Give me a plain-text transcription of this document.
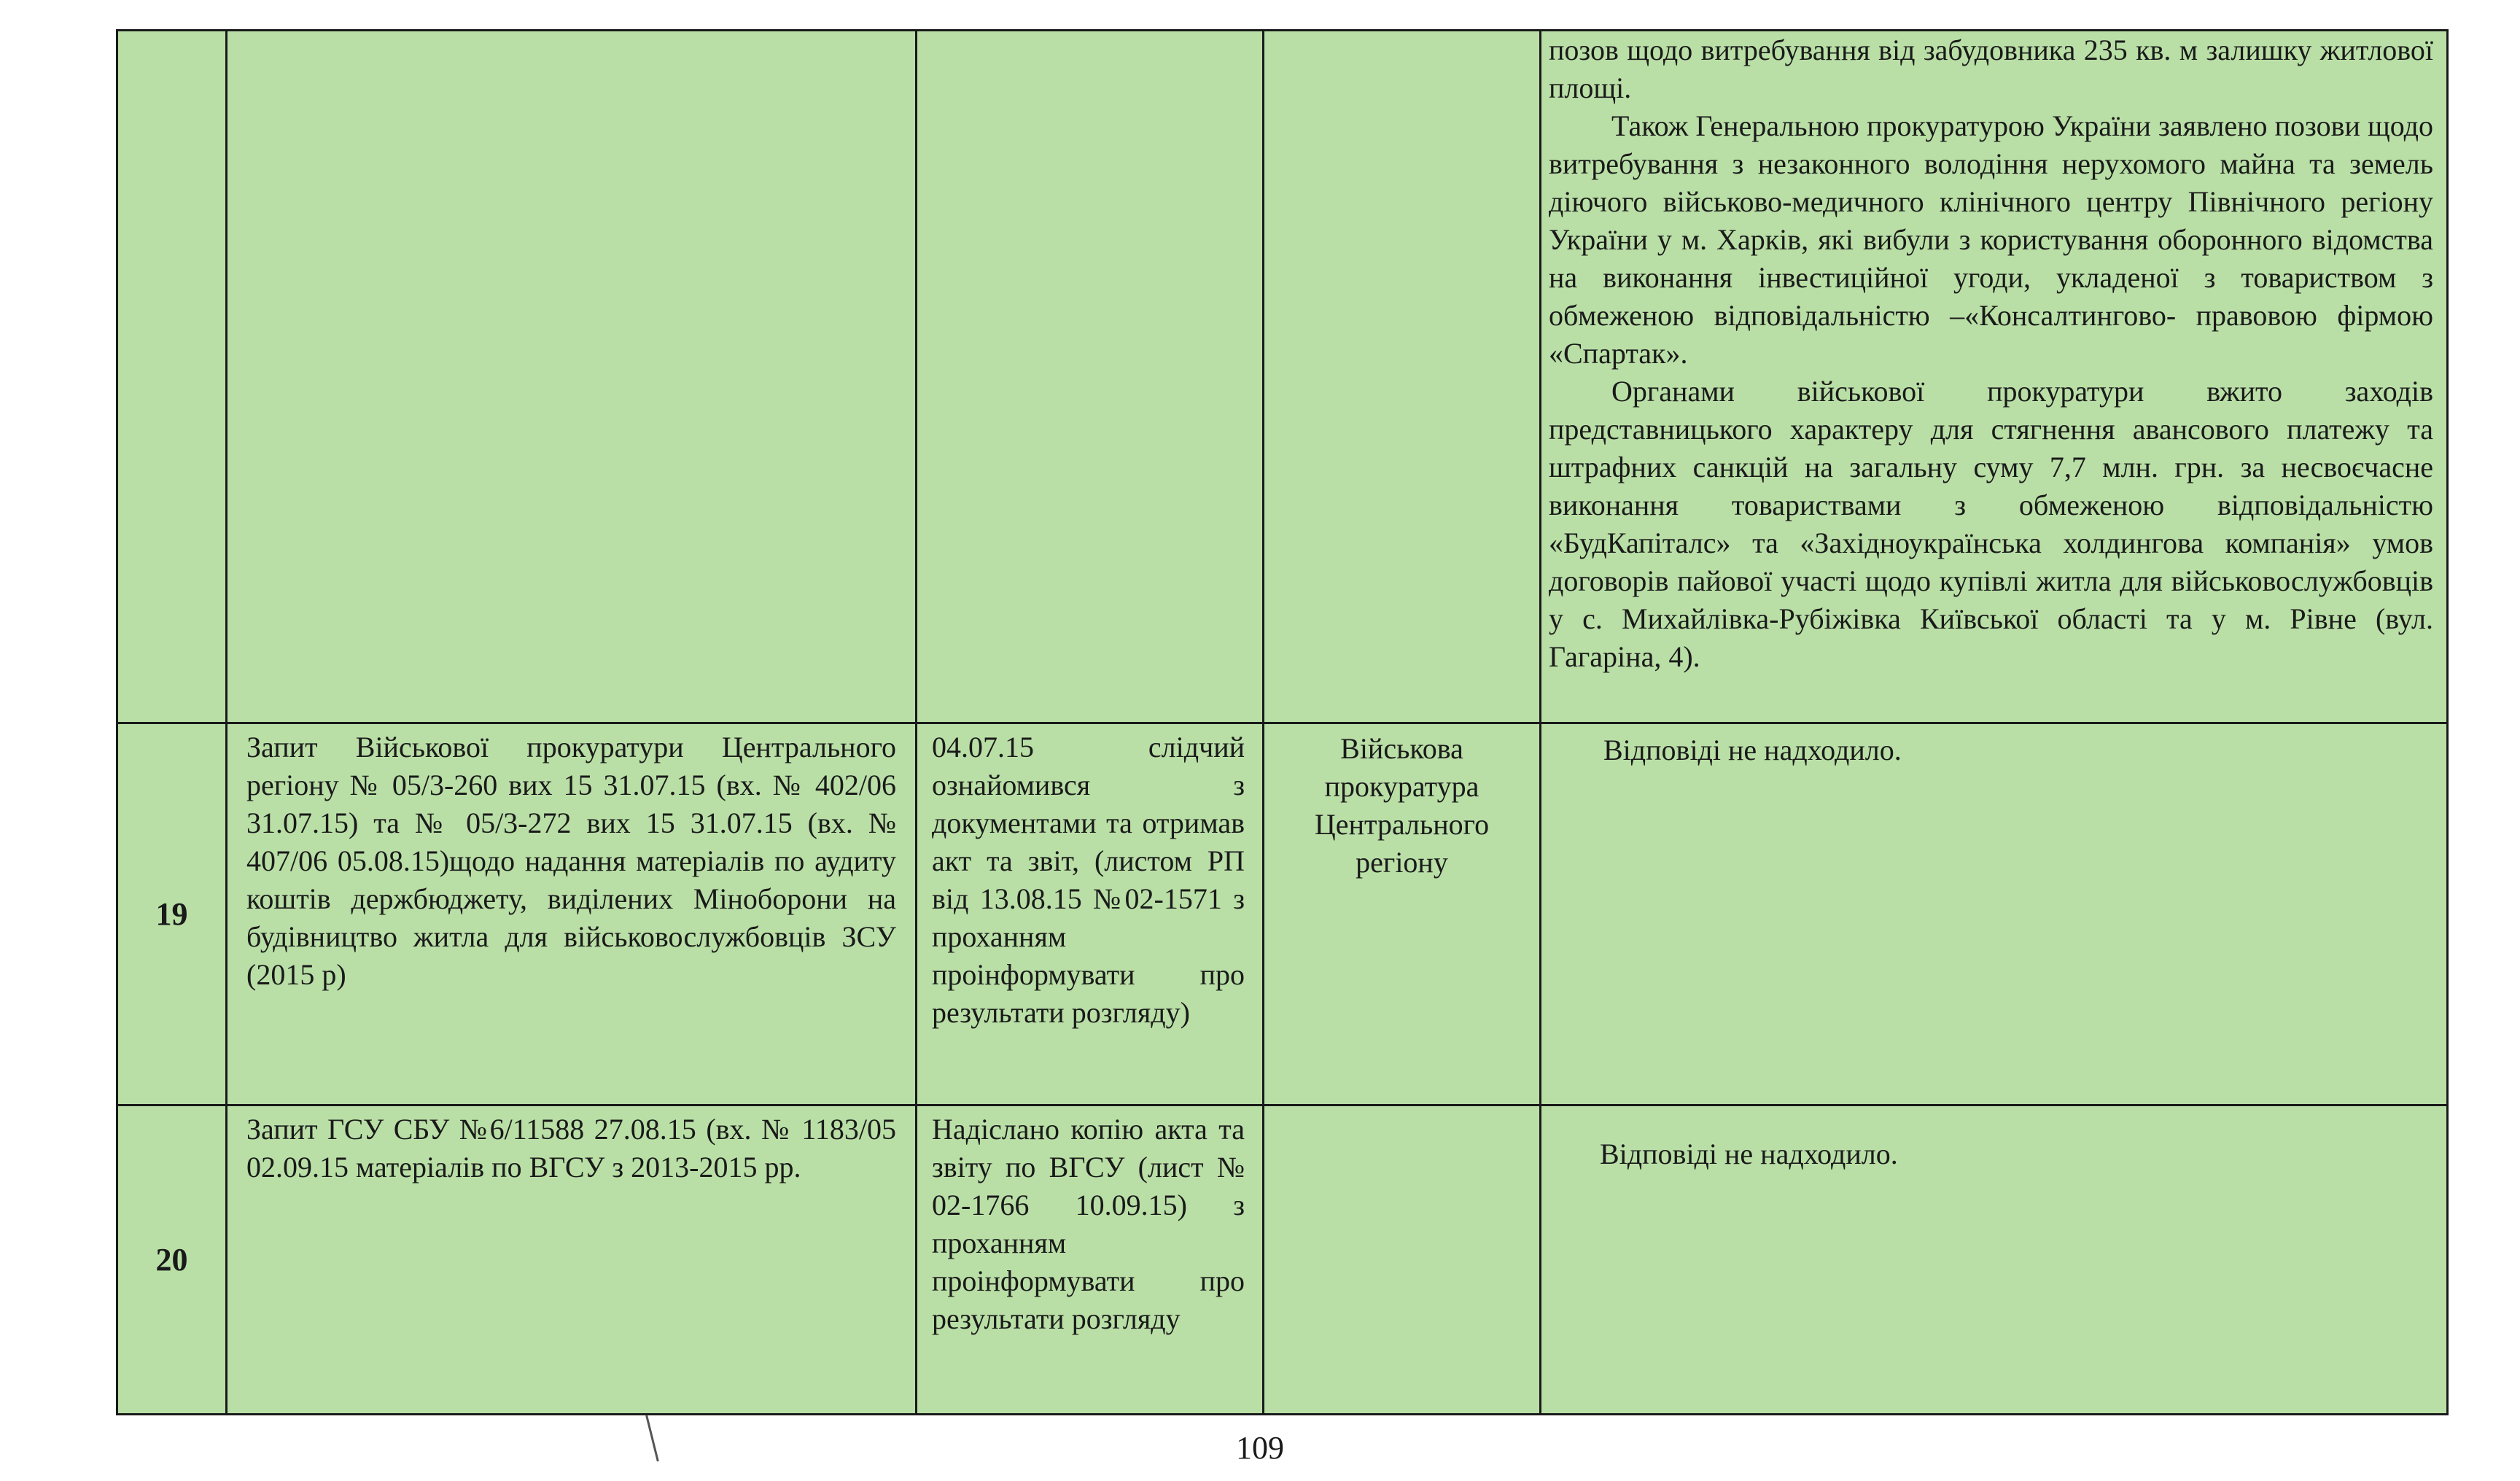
				позов щодо витребування від забудовника 235 кв. м залишку житлової площі.

Також Генеральною прокуратурою України заявлено позови щодо витребування з незаконного володіння нерухомого майна та земель діючого військово-медичного клінічного центру Північного регіону України у м. Харків, які вибули з користування оборонного відомства на виконання інвестиційної угоди, укладеної з товариством з обмеженою відповідальністю –«Консалтингово- правовою фірмою «Спартак».

Органами військової прокуратури вжито заходів представницького характеру для стягнення авансового платежу та штрафних санкцій на загальну суму 7,7 млн. грн. за несвоєчасне виконання товариствами з обмеженою відповідальністю «БудКапіталс» та «Західноукраїнська холдингова компанія» умов договорів пайової участі щодо купівлі житла для військовослужбовців у с. Михайлівка-Рубіжівка Київської області та у м. Рівне (вул. Гагаріна, 4).

19	Запит Військової прокуратури Центрального регіону № 05/3-260 вих 15 31.07.15 (вх. № 402/06 31.07.15) та № 05/3-272 вих 15 31.07.15 (вх. № 407/06 05.08.15)щодо надання матеріалів по аудиту коштів держбюджету, виділених Міноборони на будівництво житла для військовослужбовців ЗСУ (2015 р)	04.07.15 слідчий ознайомився з документами та отримав акт та звіт, (листом РП від 13.08.15 №02-1571 з проханням проінформувати про результати розгляду)	Військова прокуратура Центрального регіону	Відповіді не надходило.

20	Запит ГСУ СБУ №6/11588 27.08.15 (вх. № 1183/05 02.09.15 матеріалів по ВГСУ з 2013-2015 рр.	Надіслано копію акта та звіту по ВГСУ (лист № 02-1766 10.09.15) з проханням проінформувати про результати розгляду		Відповіді не надходило.
109
